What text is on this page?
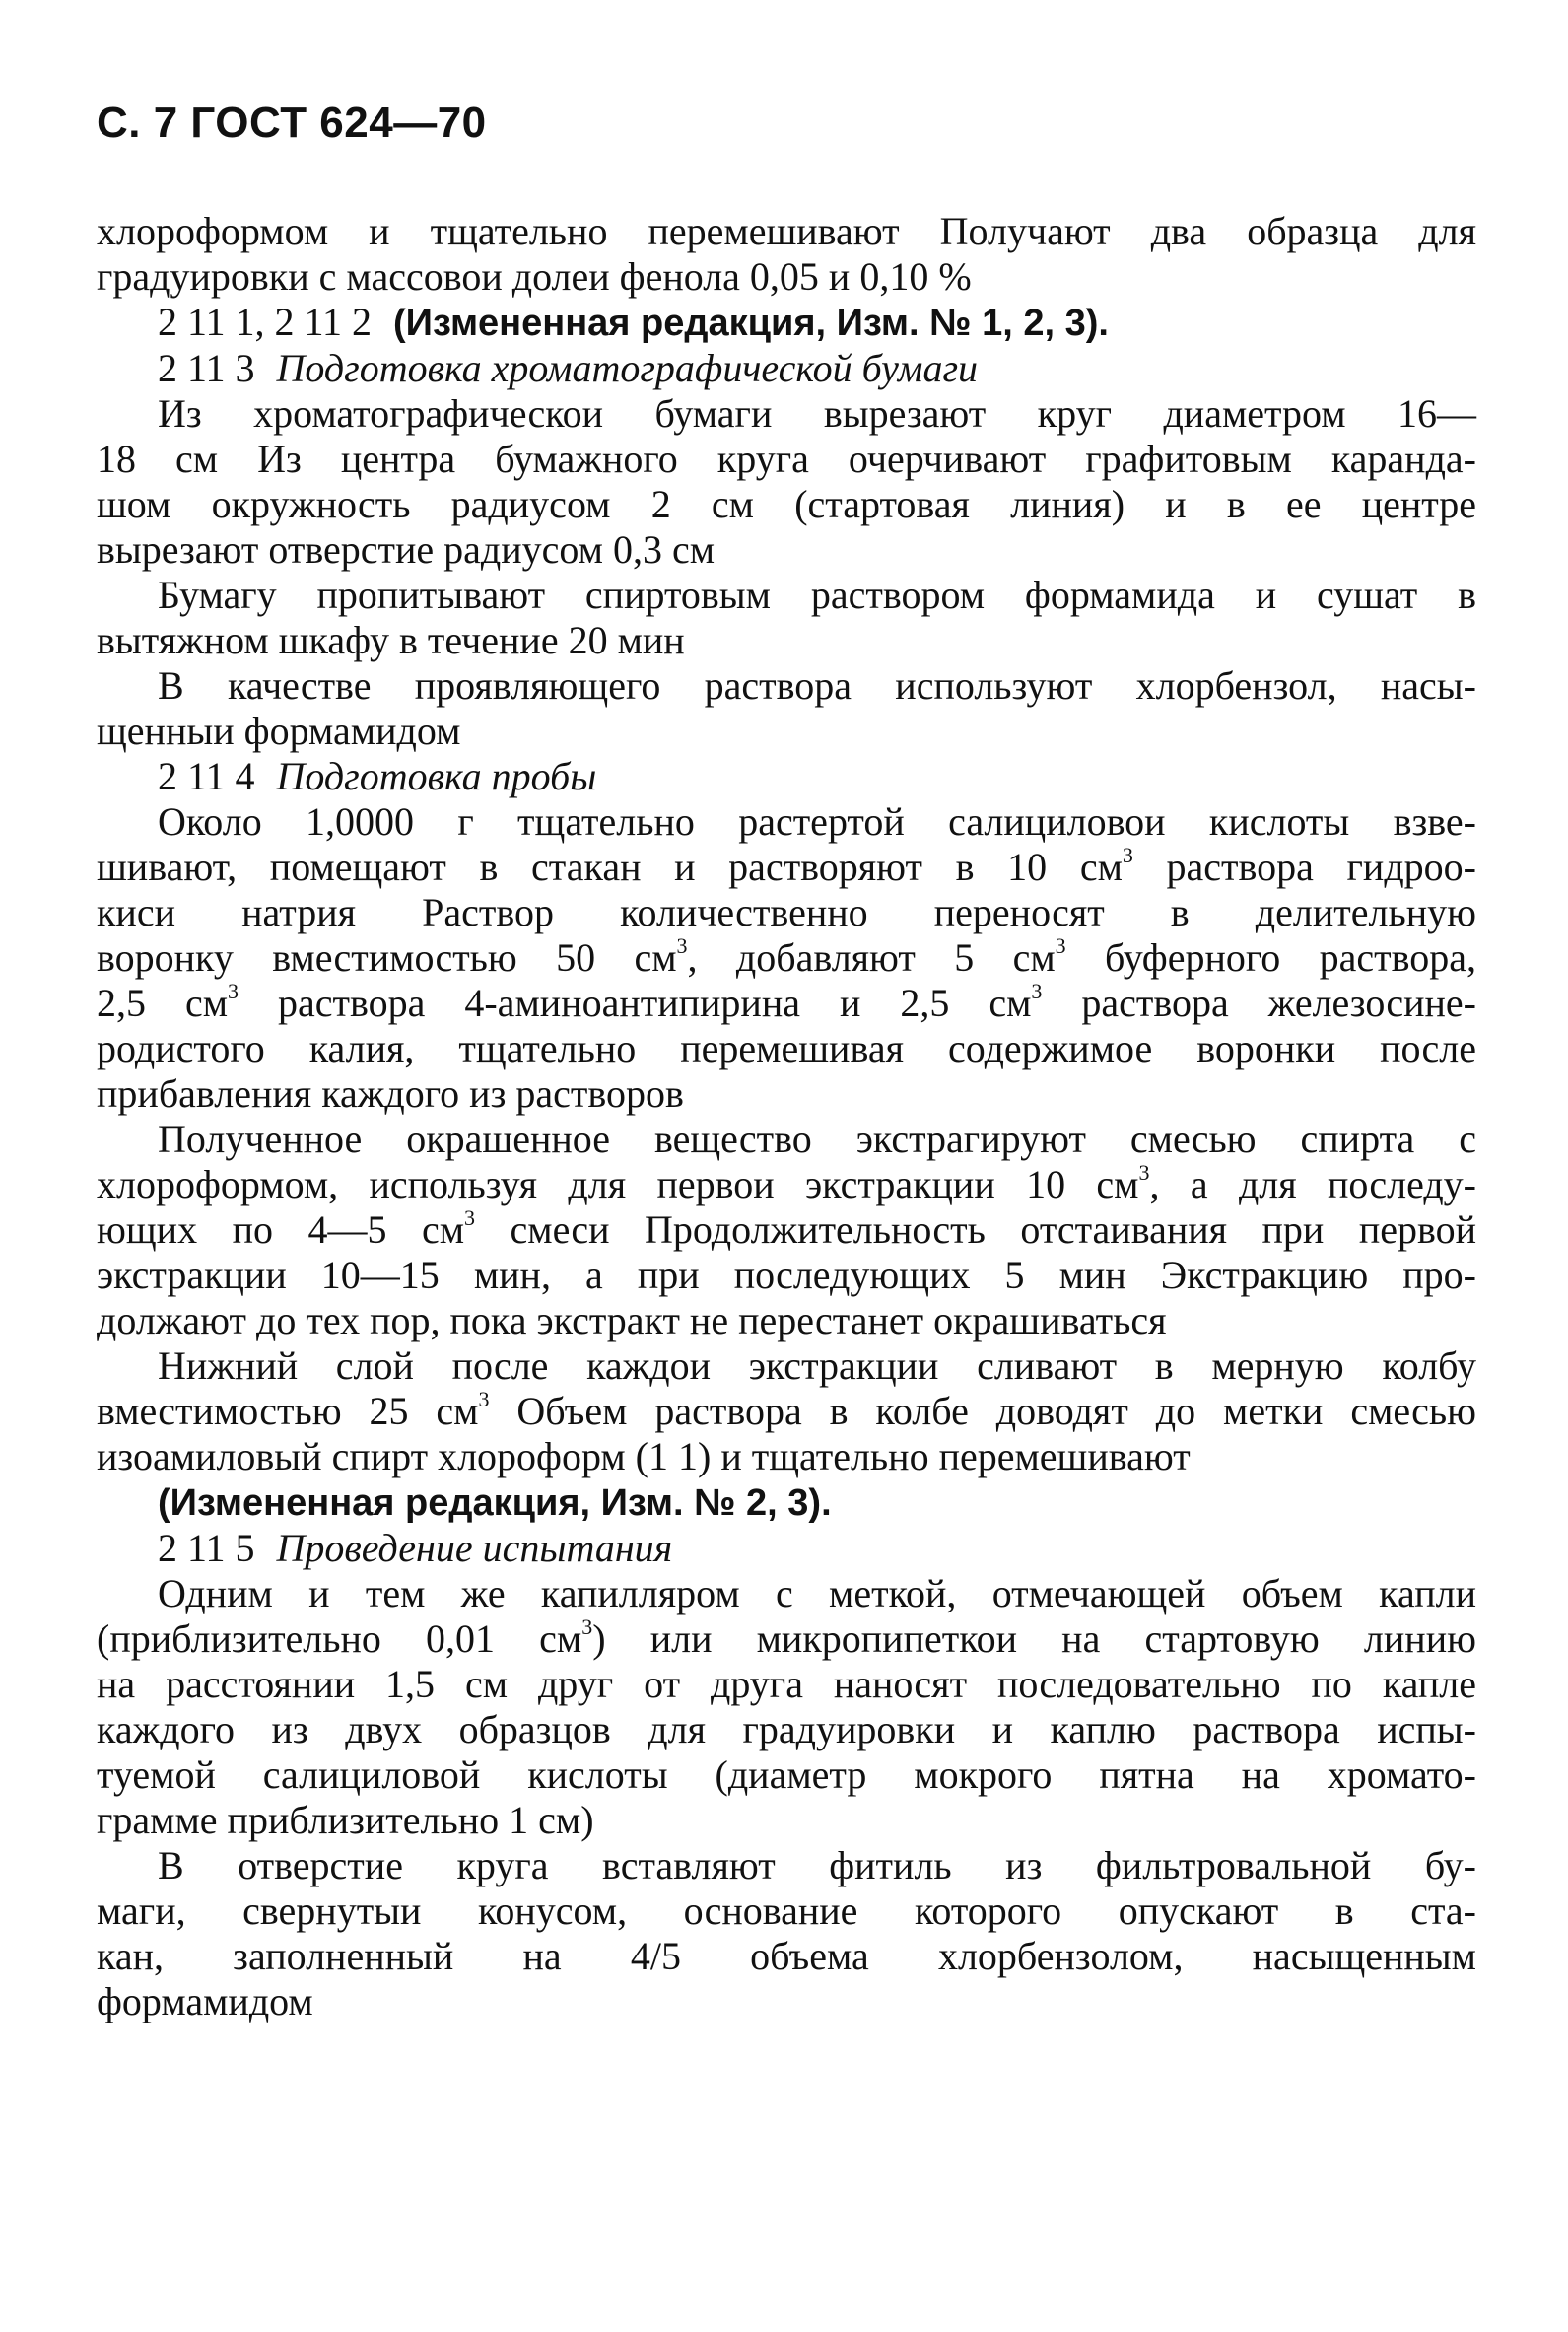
С. 7 ГОСТ 624—70
хлороформом и тщательно перемешивают Получают два образца для
градуировки с массовои долеи фенола 0,05 и 0,10 %
2 11 1, 2 11 2 (Измененная редакция, Изм. № 1, 2, 3).
2 11 3 Подготовка хроматографической бумаги
Из хроматографическои бумаги вырезают круг диаметром 16—
18 см Из центра бумажного круга очерчивают графитовым каранда-
шом окружность радиусом 2 см (стартовая линия) и в ее центре
вырезают отверстие радиусом 0,3 см
Бумагу пропитывают спиртовым раствором формамида и сушат в
вытяжном шкафу в течение 20 мин
В качестве проявляющего раствора используют хлорбензол, насы-
щенныи формамидом
2 11 4 Подготовка пробы
Около 1,0000 г тщательно растертой салициловои кислоты взве-
шивают, помещают в стакан и растворяют в 10 $см^3$ раствора гидроо-
киси натрия Раствор количественно переносят в делительную
воронку вместимостью 50 $см^3$, добавляют 5 $см^3$ буферного раствора,
2,5 $см^3$ раствора 4-аминоантипирина и 2,5 $см^3$ раствора железосине-
родистого калия, тщательно перемешивая содержимое воронки после
прибавления каждого из растворов
Полученное окрашенное вещество экстрагируют смесью спирта с
хлороформом, используя для первои экстракции 10 $см^3$, а для последу-
ющих по 4—5 $см^3$ смеси Продолжительность отстаивания при первой
экстракции 10—15 мин, а при последующих 5 мин Экстракцию про-
должают до тех пор, пока экстракт не перестанет окрашиваться
Нижний слой после каждои экстракции сливают в мерную колбу
вместимостью 25 $см^3$ Объем раствора в колбе доводят до метки смесью
изоамиловый спирт хлороформ (1 1) и тщательно перемешивают
(Измененная редакция, Изм. № 2, 3).
2 11 5 Проведение испытания
Одним и тем же капилляром с меткой, отмечающей объем капли
(приблизительно 0,01 $см^3$) или микропипеткои на стартовую линию
на расстоянии 1,5 см друг от друга наносят последовательно по капле
каждого из двух образцов для градуировки и каплю раствора испы-
туемой салициловой кислоты (диаметр мокрого пятна на хромато-
грамме приблизительно 1 см)
В отверстие круга вставляют фитиль из фильтровальной бу-
маги, свернутыи конусом, основание которого опускают в ста-
кан, заполненный на 4/5 объема хлорбензолом, насыщенным
формамидом
